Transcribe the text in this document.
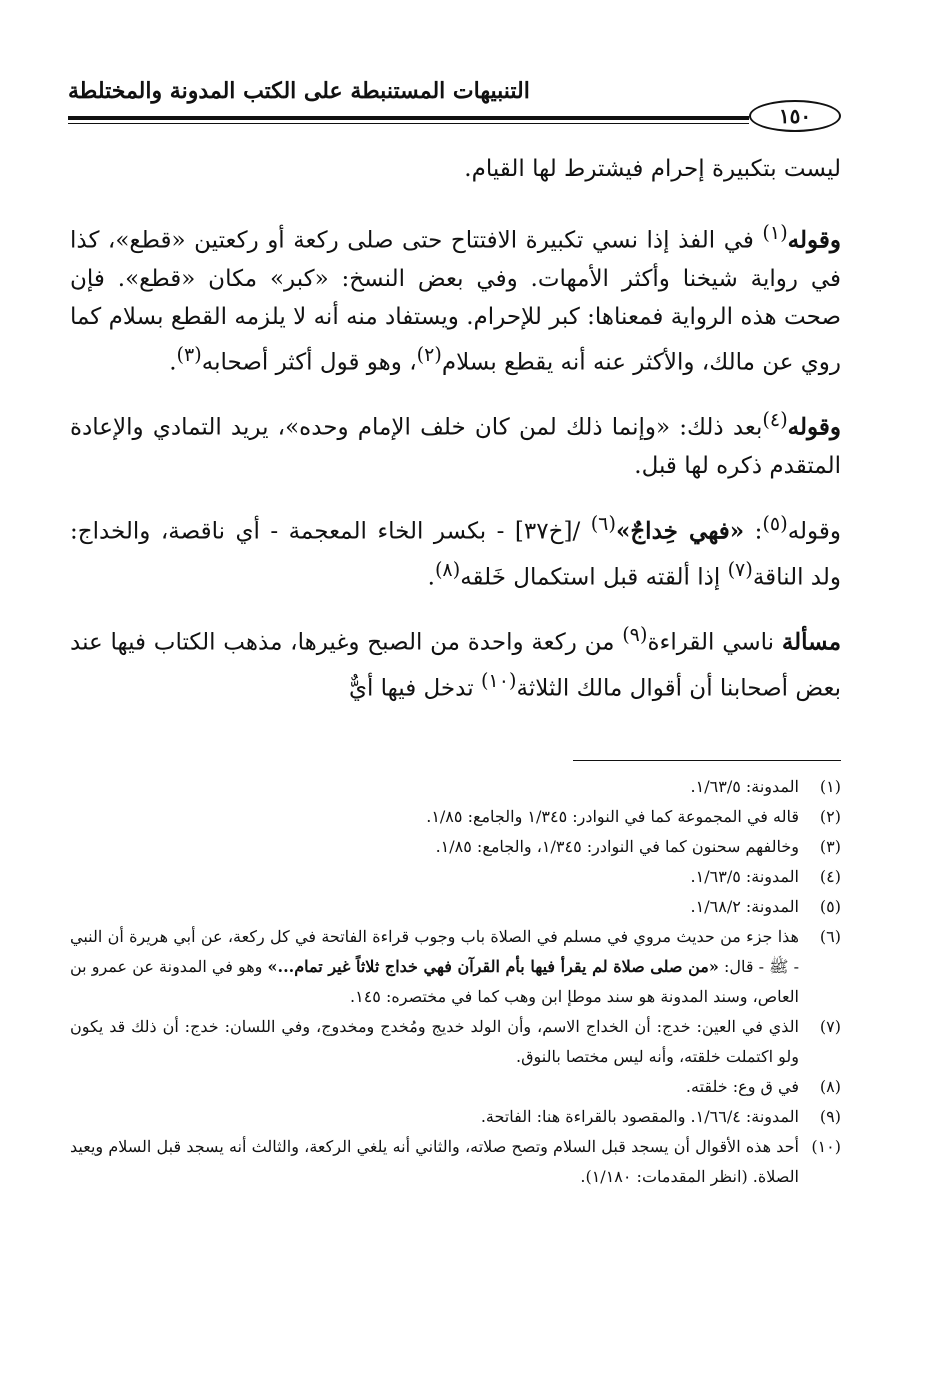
التنبيهات المستنبطة على الكتب المدونة والمختلطة
١٥٠

ليست بتكبيرة إحرام فيشترط لها القيام.

وقوله$^{(١)}$ في الفذ إذا نسي تكبيرة الافتتاح حتى صلى ركعة أو ركعتين «قطع»، كذا في رواية شيخنا وأكثر الأمهات. وفي بعض النسخ: «كبر» مكان «قطع». فإن صحت هذه الرواية فمعناها: كبر للإحرام. ويستفاد منه أنه لا يلزمه القطع بسلام كما روي عن مالك، والأكثر عنه أنه يقطع بسلام$^{(٢)}$، وهو قول أكثر أصحابه$^{(٣)}$.

وقوله$^{(٤)}$بعد ذلك: «وإنما ذلك لمن كان خلف الإمام وحده»، يريد التمادي والإعادة المتقدم ذكره لها قبل.

وقوله$^{(٥)}$: «فهي خِداجٌ»$^{(٦)}$ /[خ٣٧] - بكسر الخاء المعجمة - أي ناقصة، والخداج: ولد الناقة$^{(٧)}$ إذا ألقته قبل استكمال خَلقه$^{(٨)}$.

مسألة ناسي القراءة$^{(٩)}$ من ركعة واحدة من الصبح وغيرها، مذهب الكتاب فيها عند بعض أصحابنا أن أقوال مالك الثلاثة$^{(١٠)}$ تدخل فيها أيٌّ

(١)
المدونة: ١/٦٣/٥.
(٢)
قاله في المجموعة كما في النوادر: ١/٣٤٥ والجامع: ١/٨٥.
(٣)
وخالفهم سحنون كما في النوادر: ١/٣٤٥، والجامع: ١/٨٥.
(٤)
المدونة: ١/٦٣/٥.
(٥)
المدونة: ١/٦٨/٢.
(٦)
هذا جزء من حديث مروي في مسلم في الصلاة باب وجوب قراءة الفاتحة في كل ركعة، عن أبي هريرة أن النبي - ﷺ - قال: «من صلى صلاة لم يقرأ فيها بأم القرآن فهي خداج ثلاثاً غير تمام...» وهو في المدونة عن عمرو بن العاص، وسند المدونة هو سند موطإ ابن وهب كما في مختصره: ١٤٥.
(٧)
الذي في العين: خدج: أن الخداج الاسم، وأن الولد خديج ومُخدج ومخدوج، وفي اللسان: خدج: أن ذلك قد يكون ولو اكتملت خلقته، وأنه ليس مختصا بالنوق.
(٨)
في ق وع: خلقته.
(٩)
المدونة: ١/٦٦/٤. والمقصود بالقراءة هنا: الفاتحة.
(١٠)
أحد هذه الأقوال أن يسجد قبل السلام وتصح صلاته، والثاني أنه يلغي الركعة، والثالث أنه يسجد قبل السلام ويعيد الصلاة. (انظر المقدمات: ١/١٨٠).
